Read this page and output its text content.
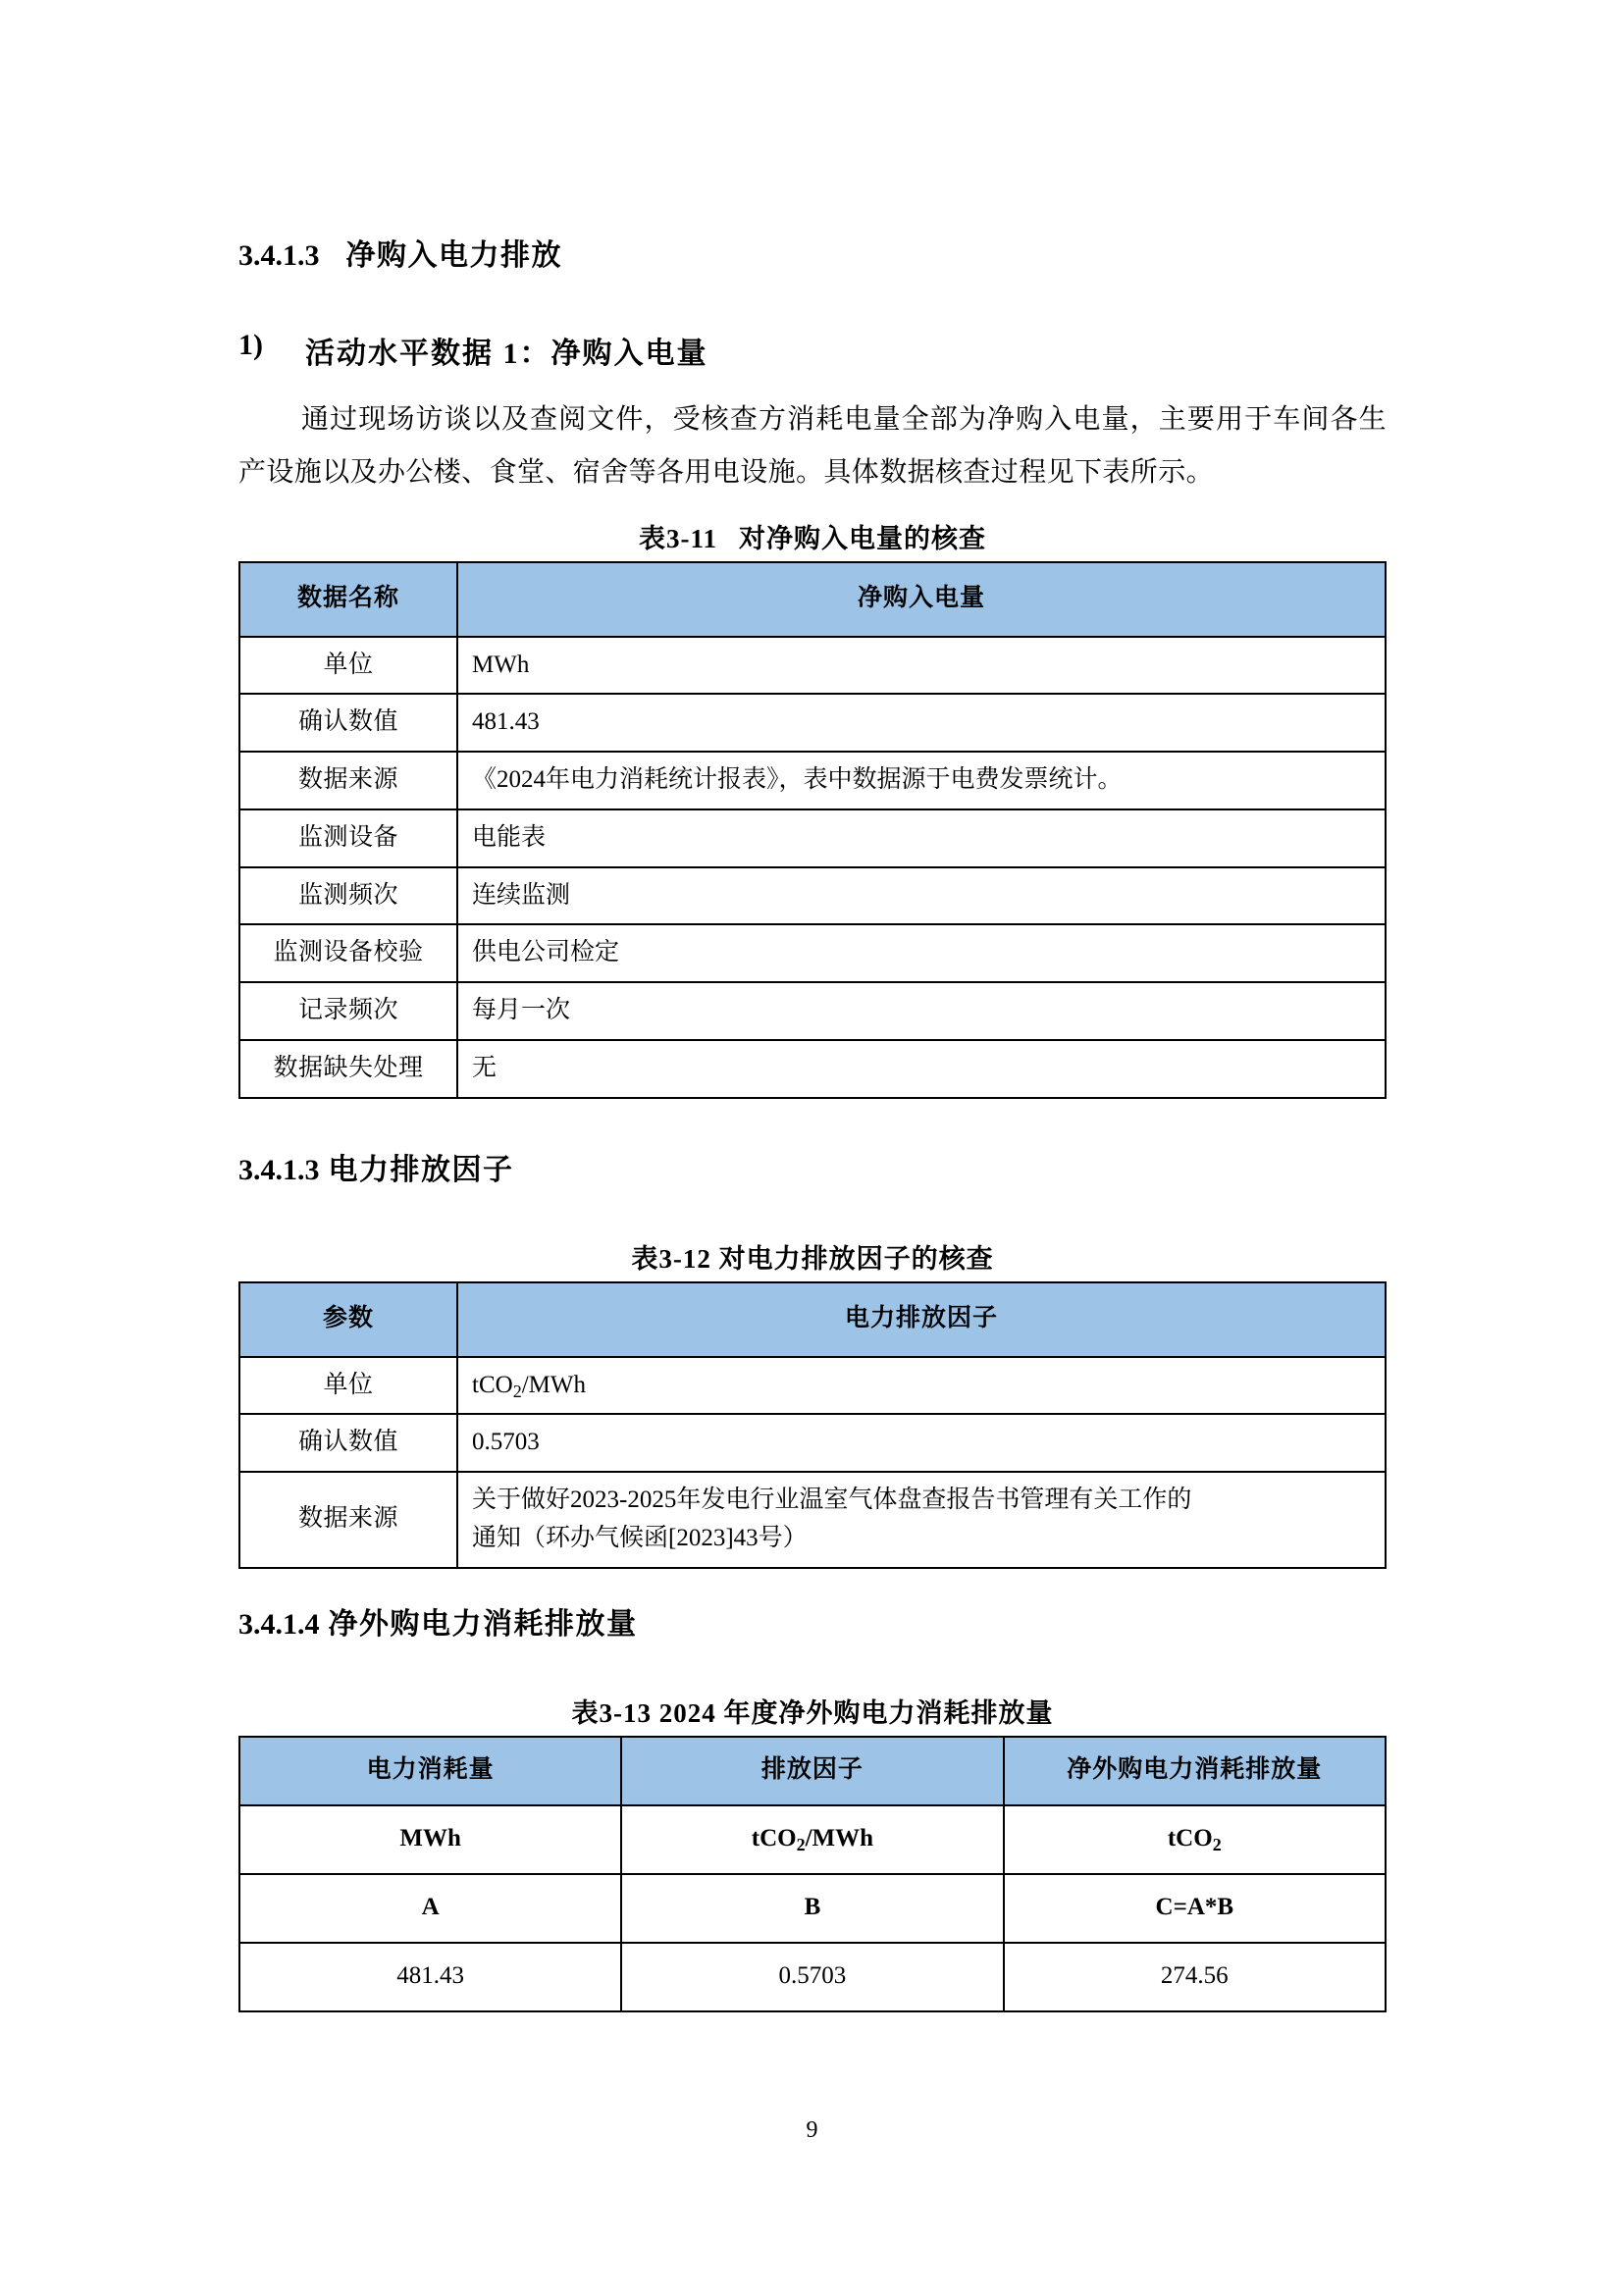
3.4.1.3 净购入电力排放
1)	活动水平数据 1：净购入电量

通过现场访谈以及查阅文件，受核查方消耗电量全部为净购入电量，主要用于车间各生产设施以及办公楼、食堂、宿舍等各用电设施。具体数据核查过程见下表所示。

表3-11 对净购入电量的核查
数据名称	净购入电量
单位	MWh
确认数值	481.43
数据来源	《2024年电力消耗统计报表》，表中数据源于电费发票统计。
监测设备	电能表
监测频次	连续监测
监测设备校验	供电公司检定
记录频次	每月一次
数据缺失处理	无
3.4.1.3 电力排放因子
表3-12 对电力排放因子的核查
参数	电力排放因子
单位	tCO$_2$/MWh
确认数值	0.5703
数据来源	关于做好2023-2025年发电行业温室气体盘查报告书管理有关工作的
通知（环办气候函[2023]43号）
3.4.1.4 净外购电力消耗排放量
表3-13 2024 年度净外购电力消耗排放量
电力消耗量	排放因子	净外购电力消耗排放量
MWh	tCO$_2$/MWh	tCO$_2$
A	B	C=A*B
481.43	0.5703	274.56
9
